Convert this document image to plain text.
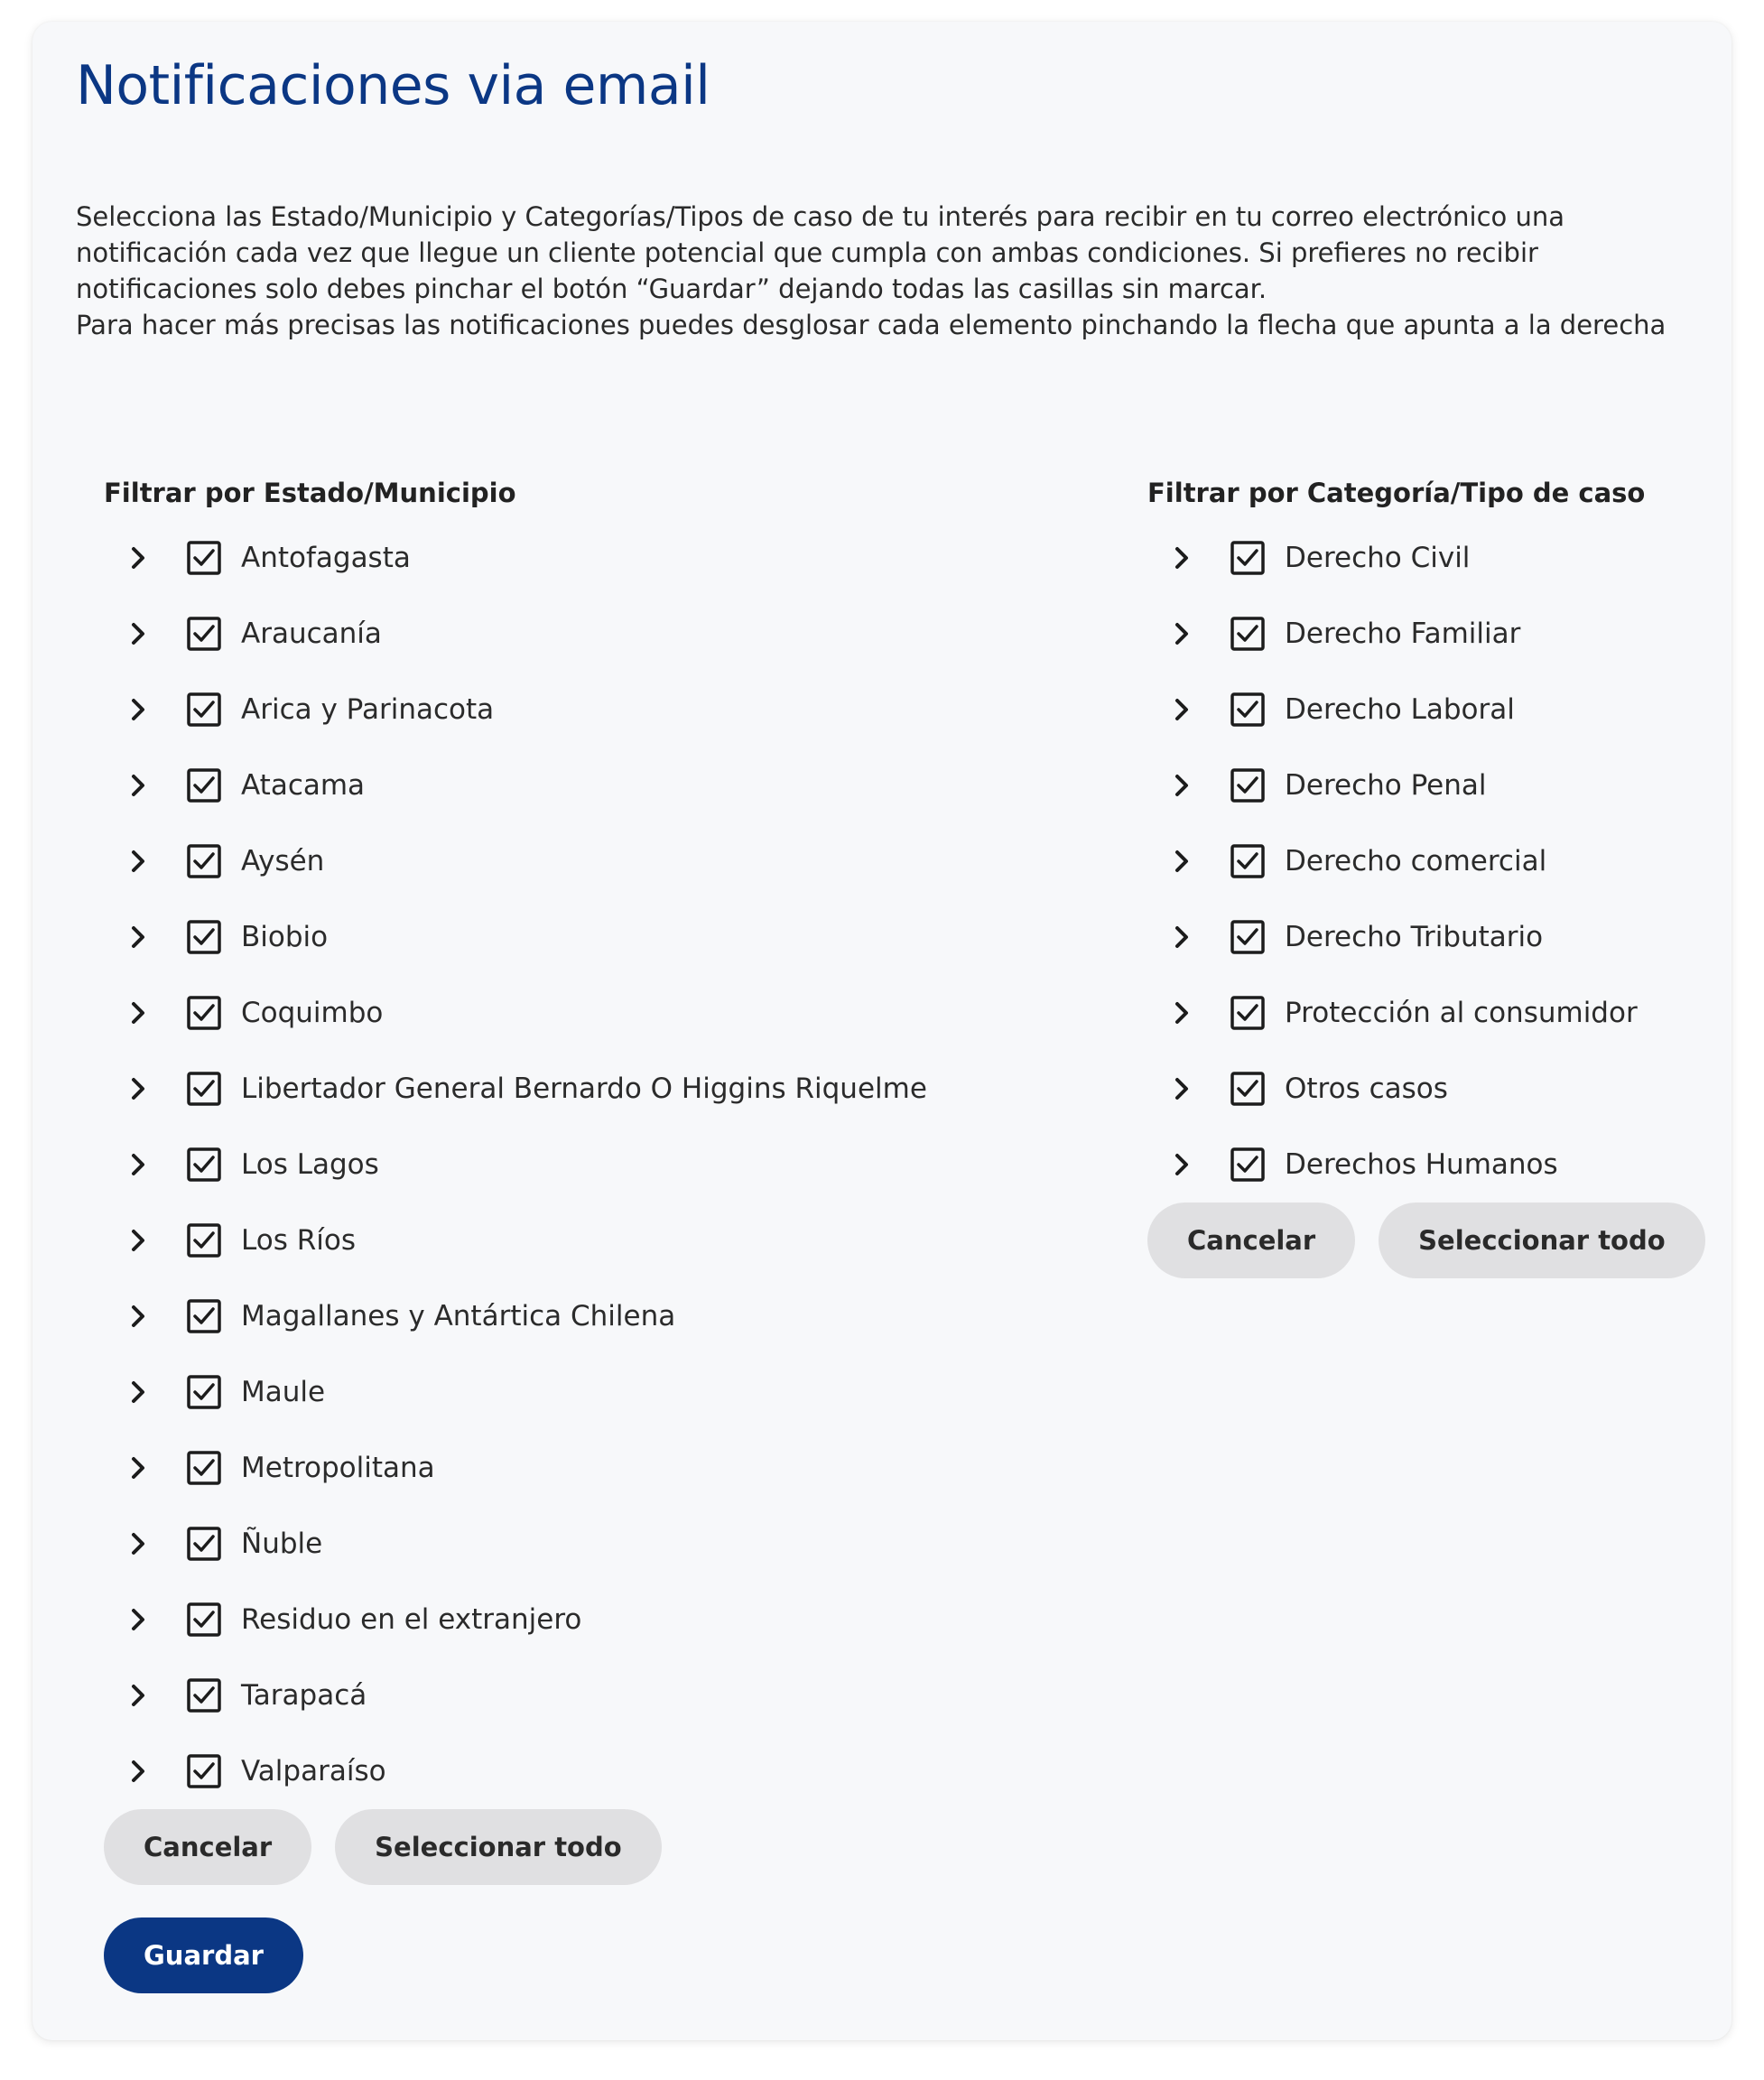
Notificaciones via email

Selecciona las Estado/Municipio y Categorías/Tipos de caso de tu interés para recibir en tu correo electrónico una notificación cada vez que llegue un cliente potencial que cumpla con ambas condiciones. Si prefieres no recibir notificaciones solo debes pinchar el botón “Guardar” dejando todas las casillas sin marcar.

Para hacer más precisas las notificaciones puedes desglosar cada elemento pinchando la flecha que apunta a la derecha

Filtrar por Estado/Municipio
Antofagasta
Araucanía
Arica y Parinacota
Atacama
Aysén
Biobio
Coquimbo
Libertador General Bernardo O Higgins Riquelme
Los Lagos
Los Ríos
Magallanes y Antártica Chilena
Maule
Metropolitana
Ñuble
Residuo en el extranjero
Tarapacá
Valparaíso
Cancelar	Seleccionar todo
Filtrar por Categoría/Tipo de caso
Derecho Civil
Derecho Familiar
Derecho Laboral
Derecho Penal
Derecho comercial
Derecho Tributario
Protección al consumidor
Otros casos
Derechos Humanos
Cancelar	Seleccionar todo
Guardar
